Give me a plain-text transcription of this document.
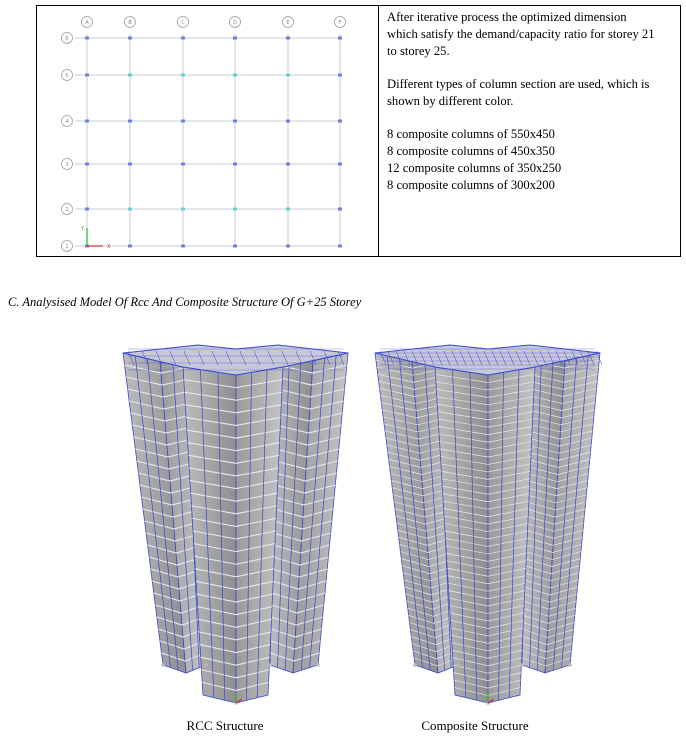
A	B	C	D	E	F
6
5
4
3
2
1
Y
X

After iterative process the optimized dimension

which satisfy the demand/capacity ratio for storey 21

to storey 25.

Different types of column section are used, which is

shown by different color.

8 composite columns of 550x450

8 composite columns of 450x350

12 composite columns of 350x250

8 composite columns of 300x200

C. Analysised Model Of Rcc And Composite Structure Of G+25 Storey
RCC Structure	Composite Structure
